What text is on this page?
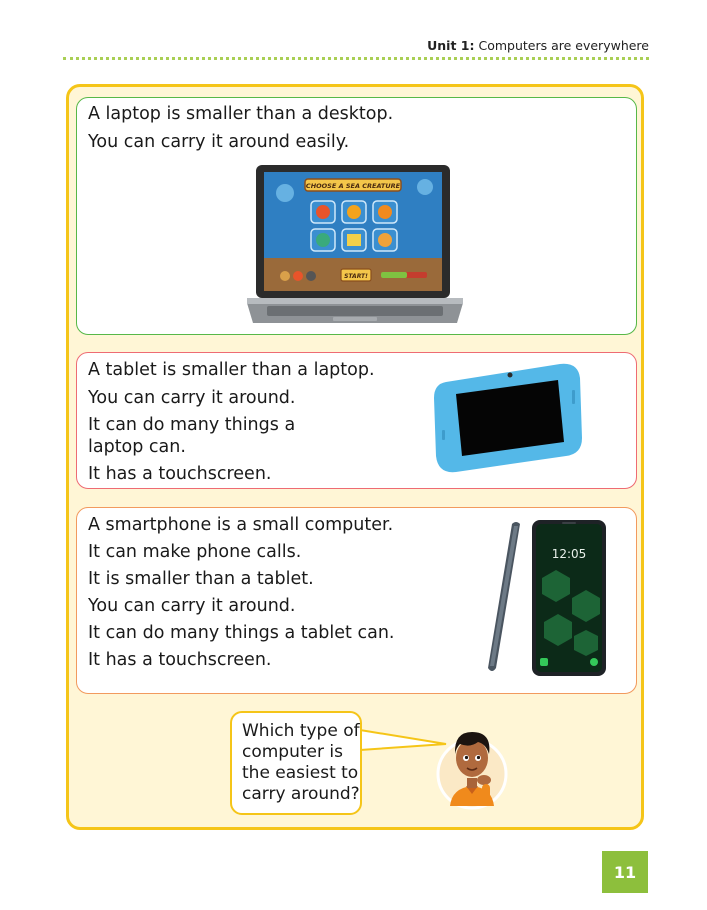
Unit 1: Computers are everywhere
A laptop is smaller than a desktop.
You can carry it around easily.
CHOOSE A SEA CREATURE
START!
A tablet is smaller than a laptop.
You can carry it around.
It can do many things a
laptop can.
It has a touchscreen.
A smartphone is a small computer.
It can make phone calls.
It is smaller than a tablet.
You can carry it around.
It can do many things a tablet can.
It has a touchscreen.
12:05
Which type of
computer is
the easiest to
carry around?
11
